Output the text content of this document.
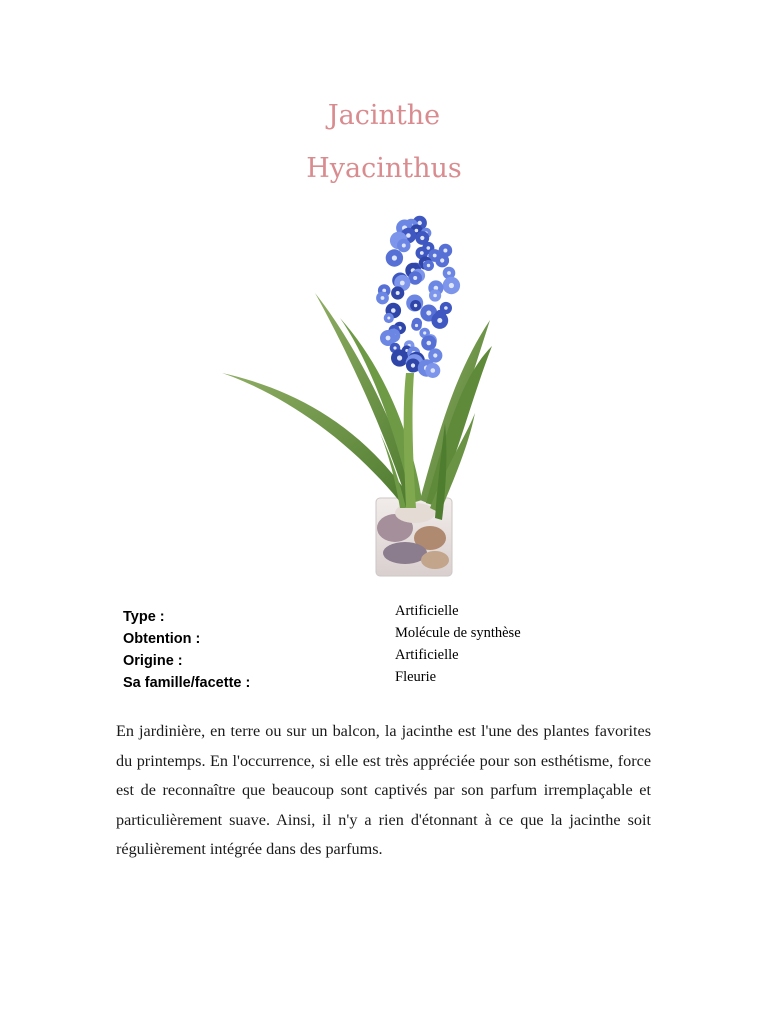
Jacinthe
Hyacinthus
Type :
Obtention :
Origine :
Sa famille/facette :
Artificielle
Molécule de synthèse
Artificielle
Fleurie

En jardinière, en terre ou sur un balcon, la jacinthe est l'une des plantes favorites du printemps. En l'occurrence, si elle est très appréciée pour son esthétisme, force est de reconnaître que beaucoup sont captivés par son parfum irremplaçable et particulièrement suave. Ainsi, il n'y a rien d'étonnant à ce que la jacinthe soit régulièrement intégrée dans des parfums.
